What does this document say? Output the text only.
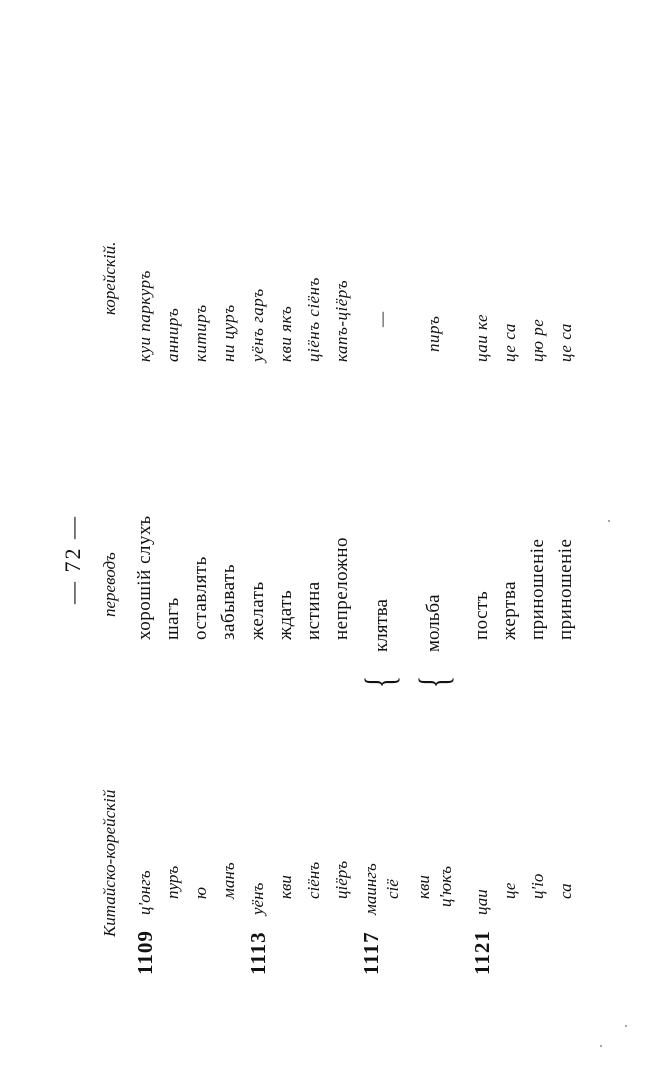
— 72 —
Китайско-корейскій
переводъ
корейскій.
1109
ц'онгъ
хорошій слухъ
куи паркуръ
пуръ
шагъ
анниръ
ю
оставлять
китиръ
манъ
забывать
ни цуръ
1113
уёнъ
желать
уёнъ гаръ
кви
ждать
кви якъ
сіёнъ
истина
ціёнъ сіёнъ
ціёръ
непреложно
капъ-ціёръ
1117
маингъ сіё
{
клятва
—
кви ц'юкъ
{
мольба
пиръ
1121
цаи
постъ
цаи ке
це
жертва
це са
ц'іо
приношеніе
цю ре
са
приношеніе
це са
